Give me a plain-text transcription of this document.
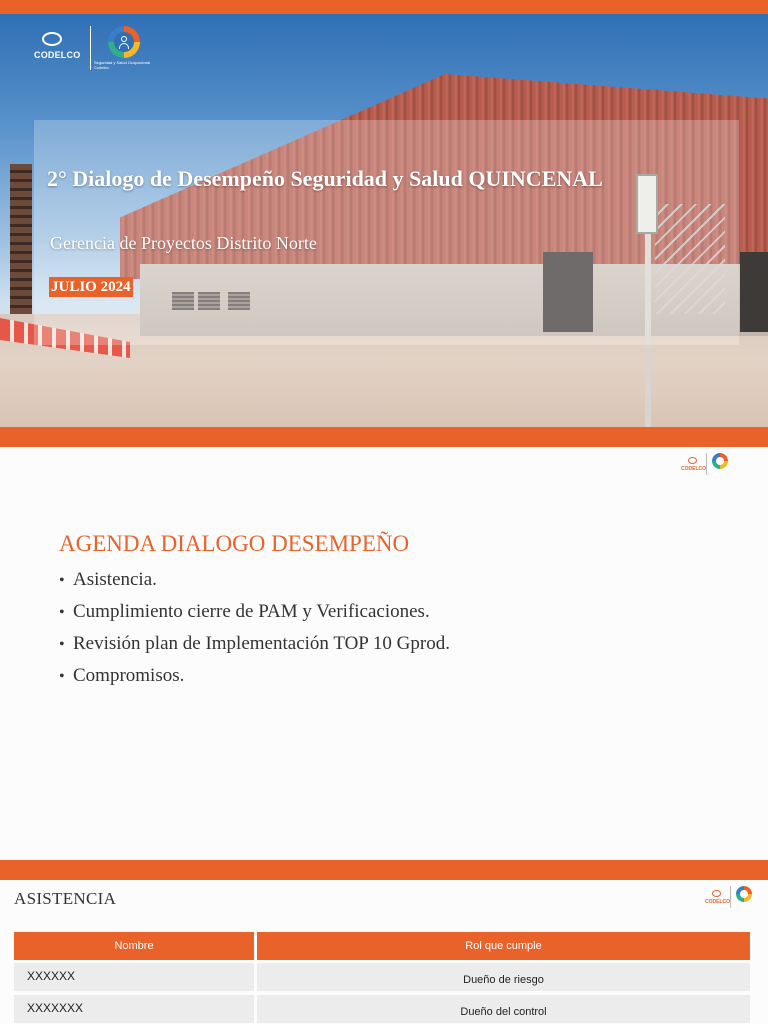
CODELCO
Seguridad y Salud Ocupacional Codelco
2° Dialogo de Desempeño Seguridad y Salud QUINCENAL
Gerencia de Proyectos Distrito Norte
JULIO 2024
CODELCO
AGENDA DIALOGO DESEMPEÑO
• Asistencia.
• Cumplimiento cierre de PAM y Verificaciones.
• Revisión plan de Implementación TOP 10 Gprod.
• Compromisos.
ASISTENCIA	CODELCO
Nombre	Rol que cumple
XXXXXX	Dueño de riesgo
XXXXXXX	Dueño del control
